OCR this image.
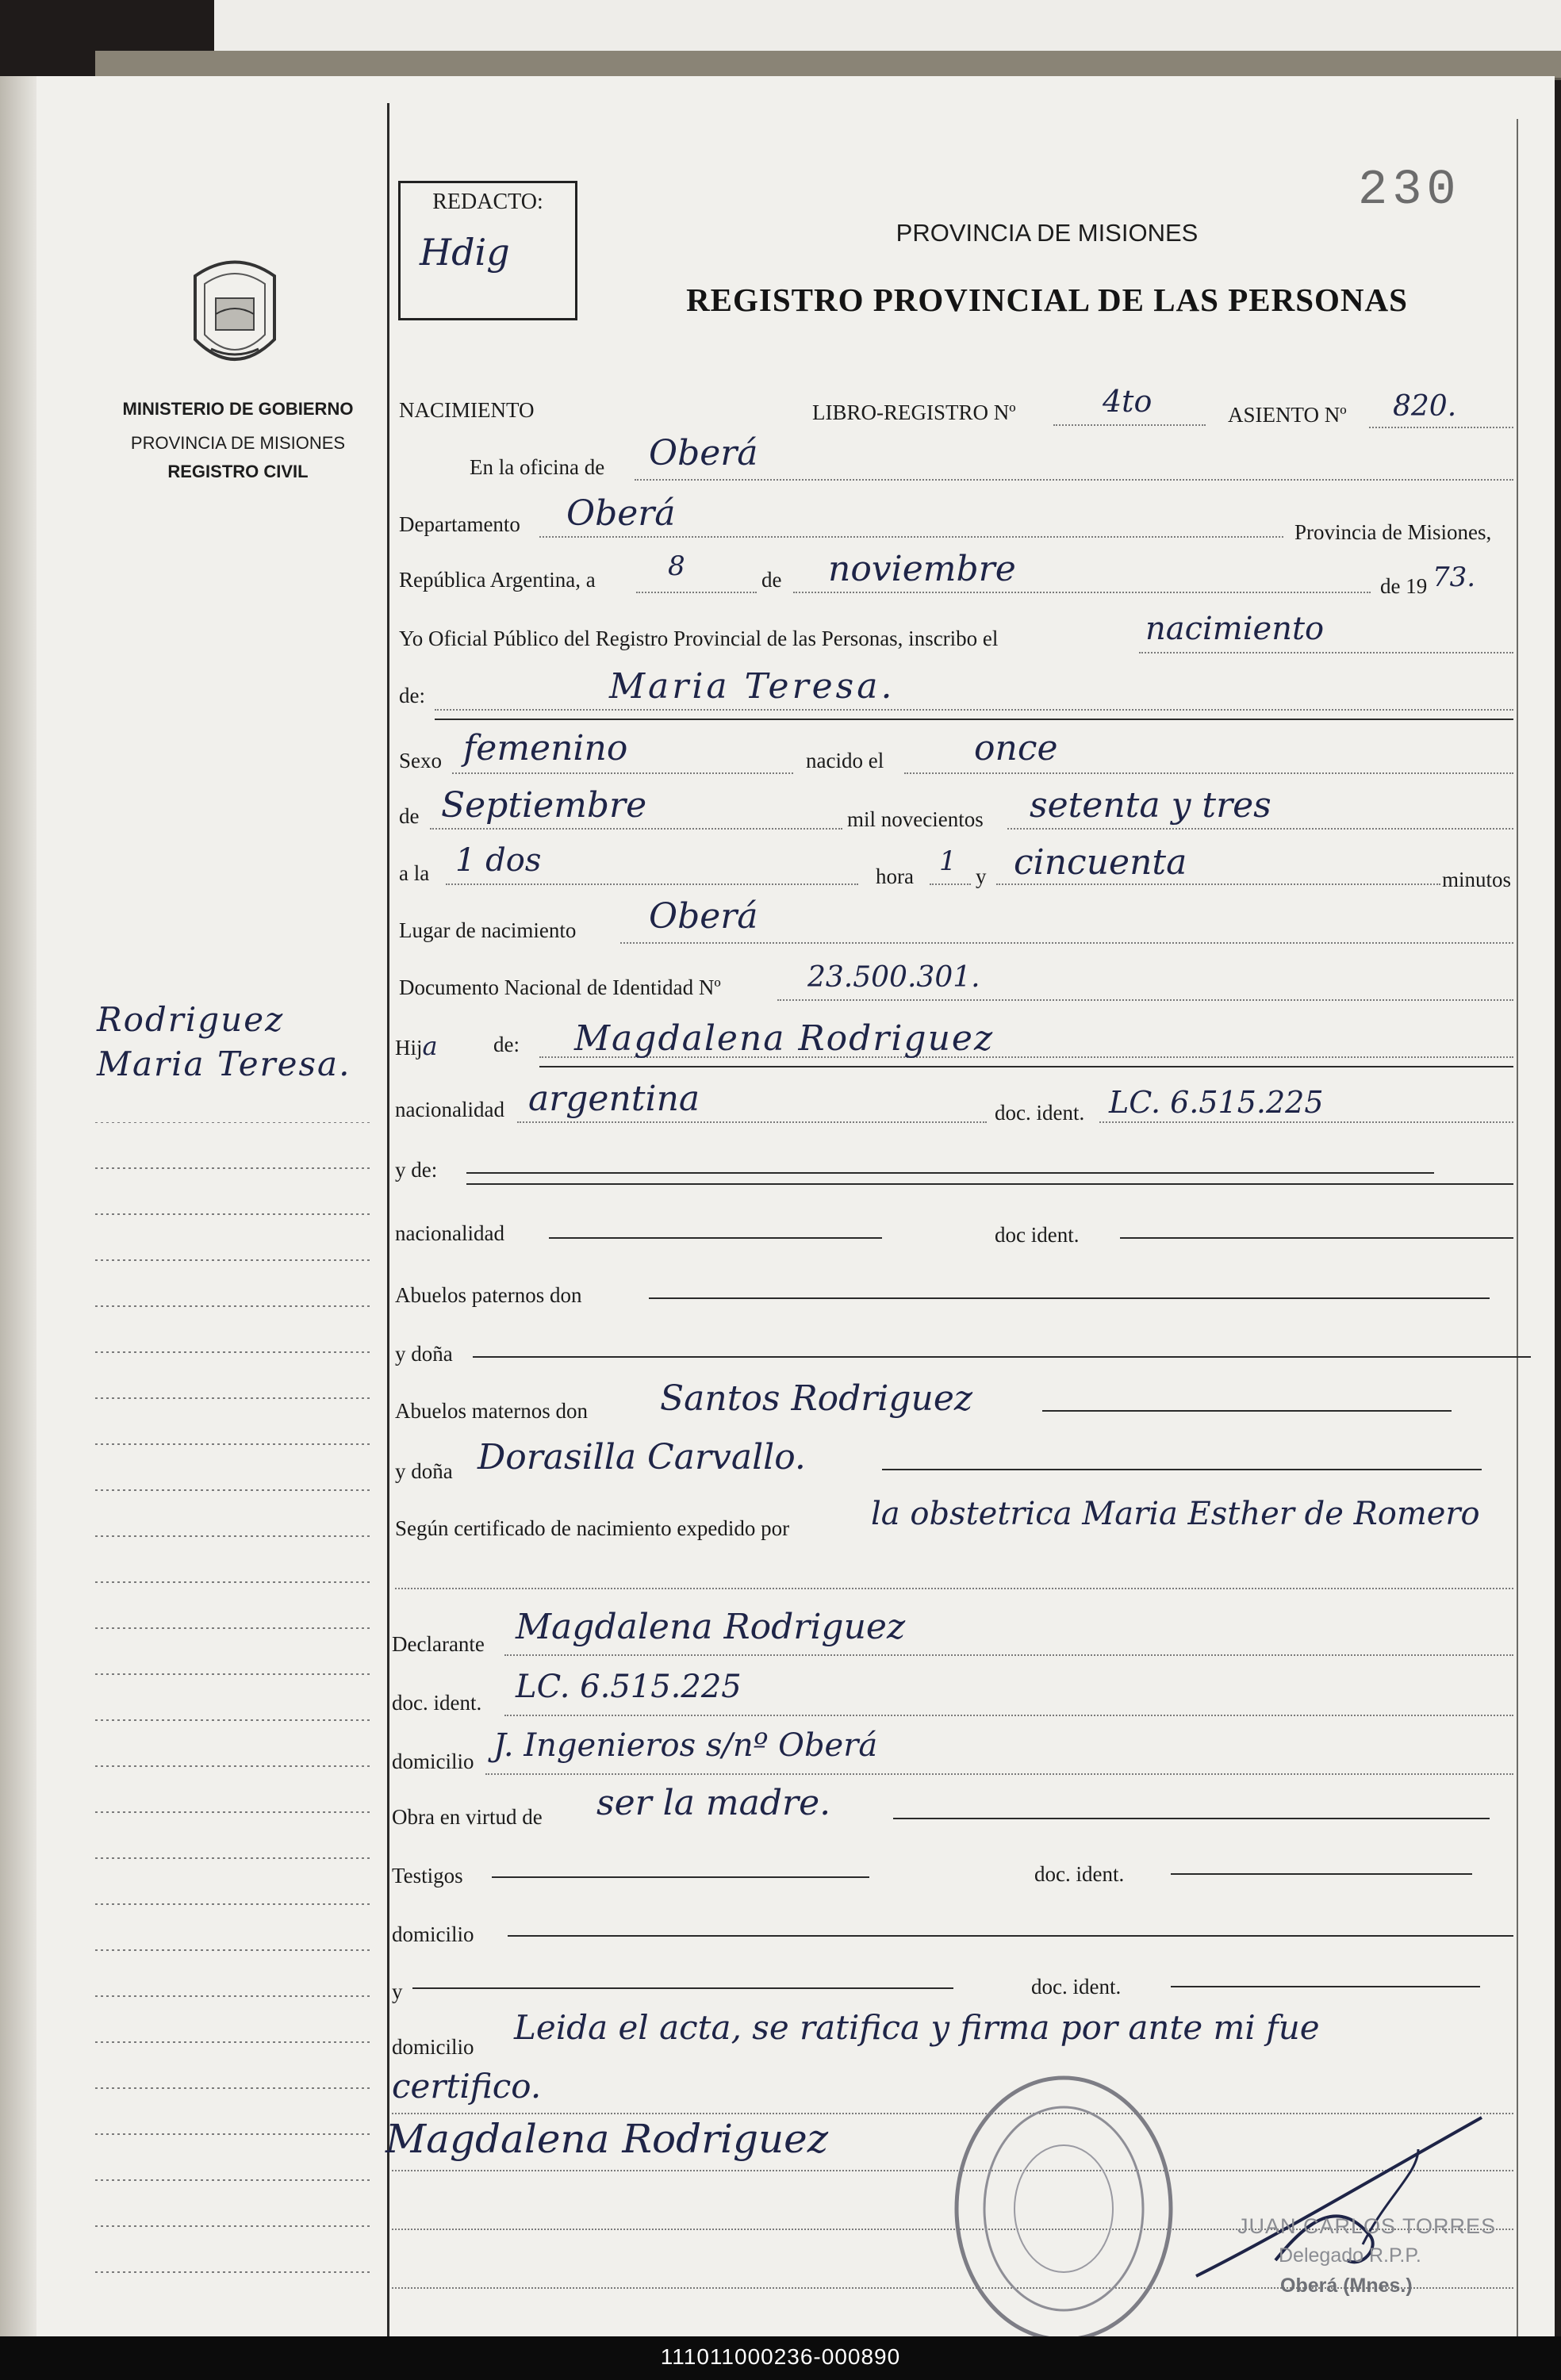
MINISTERIO DE GOBIERNO
PROVINCIA DE MISIONES
REGISTRO CIVIL
Rodriguez
Maria Teresa.
REDACTO:
Hdig
230
PROVINCIA DE MISIONES
REGISTRO PROVINCIAL DE LAS PERSONAS
NACIMIENTO	LIBRO-REGISTRO Nº	4to	ASIENTO Nº 820.
En la oficina de Oberá
Departamento Oberá	Provincia de Misiones,
República Argentina, a	8	de noviembre	de 19 73.
Yo Oficial Público del Registro Provincial de las Personas, inscribo el	nacimiento
de:	Maria Teresa.
Sexo femenino	nacido el	once
de Septiembre	mil novecientos setenta y tres
a la 1 dos	hora 1 y cincuenta	minutos
Lugar de nacimiento Oberá
Documento Nacional de Identidad Nº	23.500.301.
Hija	de: Magdalena Rodriguez
nacionalidad argentina	doc. ident. LC. 6.515.225
y de:
nacionalidad	doc ident.
Abuelos paternos don
y doña
Abuelos maternos don Santos Rodriguez
y doña Dorasilla Carvallo.
Según certificado de nacimiento expedido por	la obstetrica Maria Esther de Romero
Declarante Magdalena Rodriguez
doc. ident. LC. 6.515.225
domicilio J. Ingenieros s/nº Oberá
Obra en virtud de ser la madre.
Testigos	doc. ident.
domicilio
y	doc. ident.
domicilio Leida el acta, se ratifica y firma por ante mi fue
certifico.
Magdalena Rodriguez
JUAN CARLOS TORRES
Delegado R.P.P.
Oberá (Mnes.)
111011000236-000890
